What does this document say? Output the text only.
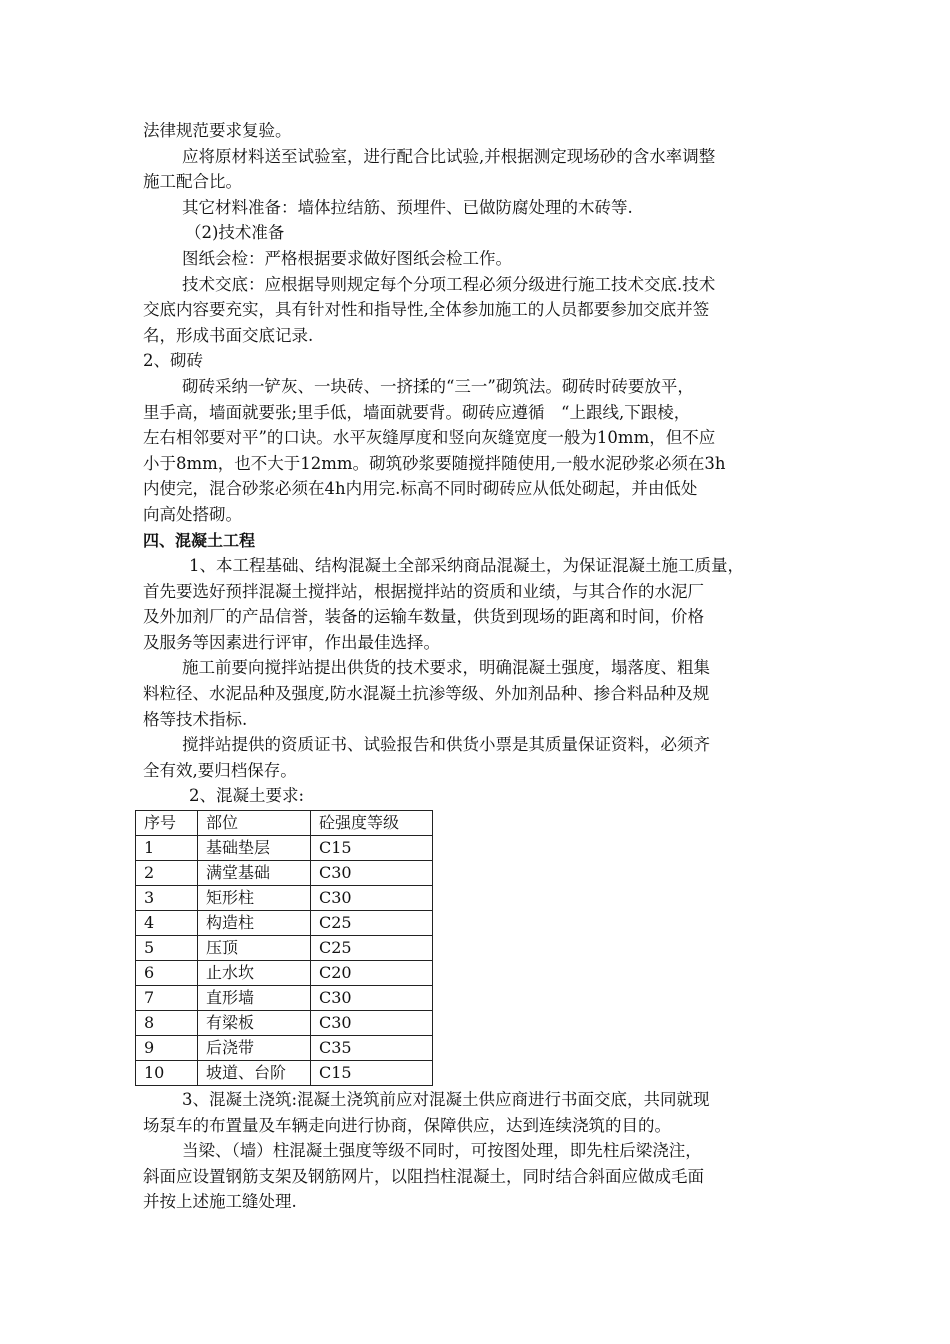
法律规范要求复验。
应将原材料送至试验室，进行配合比试验,并根据测定现场砂的含水率调整
施工配合比。
其它材料准备：墙体拉结筋、预埋件、已做防腐处理的木砖等.
（2)技术准备
图纸会检：严格根据要求做好图纸会检工作。
技术交底：应根据导则规定每个分项工程必须分级进行施工技术交底.技术
交底内容要充实，具有针对性和指导性,全体参加施工的人员都要参加交底并签
名，形成书面交底记录.
2、砌砖
砌砖采纳一铲灰、一块砖、一挤揉的“三一”砌筑法。砌砖时砖要放平，
里手高，墙面就要张;里手低，墙面就要背。砌砖应遵循　“上跟线,下跟棱，
左右相邻要对平”的口诀。水平灰缝厚度和竖向灰缝宽度一般为10mm，但不应
小于8mm，也不大于12mm。砌筑砂浆要随搅拌随使用,一般水泥砂浆必须在3h
内使完，混合砂浆必须在4h内用完.标高不同时砌砖应从低处砌起，并由低处
向高处搭砌。
四、混凝土工程
1、本工程基础、结构混凝土全部采纳商品混凝土，为保证混凝土施工质量，
首先要选好预拌混凝土搅拌站，根据搅拌站的资质和业绩，与其合作的水泥厂
及外加剂厂的产品信誉，装备的运输车数量，供货到现场的距离和时间，价格
及服务等因素进行评审，作出最佳选择。
施工前要向搅拌站提出供货的技术要求，明确混凝土强度，塌落度、粗集
料粒径、水泥品种及强度,防水混凝土抗渗等级、外加剂品种、掺合料品种及规
格等技术指标.
搅拌站提供的资质证书、试验报告和供货小票是其质量保证资料，必须齐
全有效,要归档保存。
2、混凝土要求:
序号	部位	砼强度等级
1	基础垫层	C15
2	满堂基础	C30
3	矩形柱	C30
4	构造柱	C25
5	压顶	C25
6	止水坎	C20
7	直形墙	C30
8	有梁板	C30
9	后浇带	C35
10	坡道、台阶	C15
3、混凝土浇筑:混凝土浇筑前应对混凝土供应商进行书面交底，共同就现
场泵车的布置量及车辆走向进行协商，保障供应，达到连续浇筑的目的。
当梁、（墙）柱混凝土强度等级不同时，可按图处理，即先柱后梁浇注，
斜面应设置钢筋支架及钢筋网片，以阻挡柱混凝土，同时结合斜面应做成毛面
并按上述施工缝处理.
